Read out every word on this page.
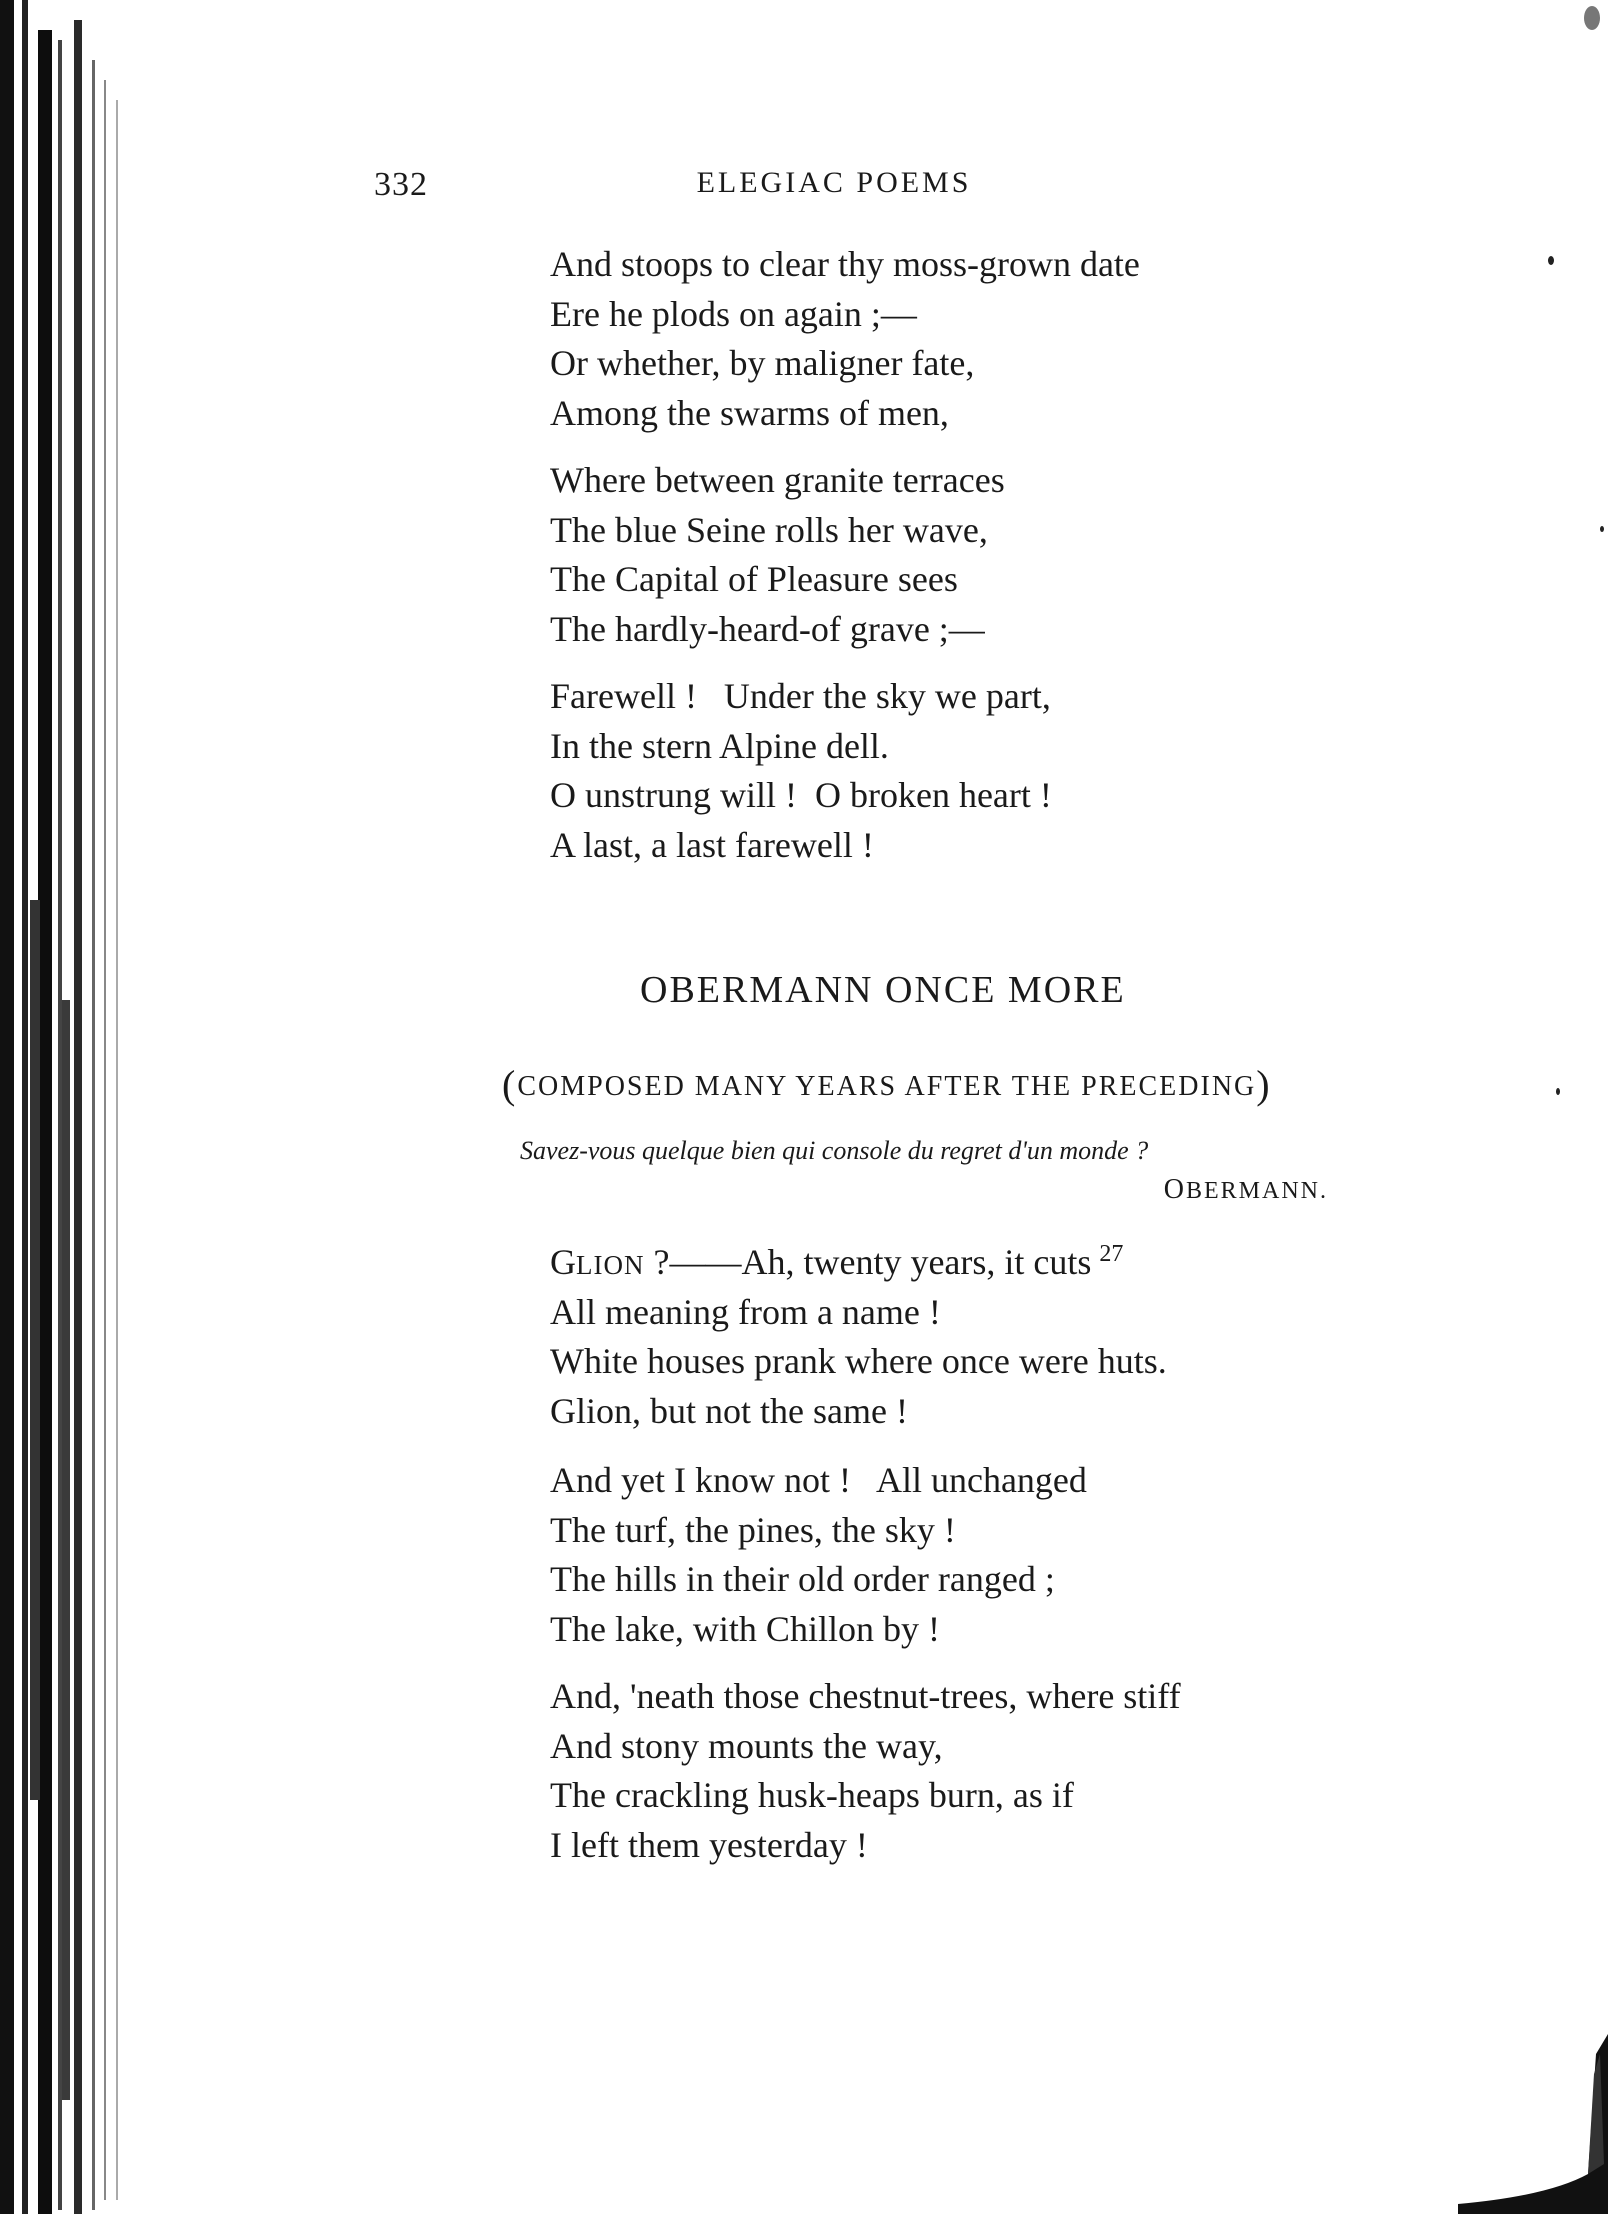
332	ELEGIAC POEMS
And stoops to clear thy moss-grown date
Ere he plods on again ;—
Or whether, by maligner fate,
Among the swarms of men,
Where between granite terraces
The blue Seine rolls her wave,
The Capital of Pleasure sees
The hardly-heard-of grave ;—
Farewell !   Under the sky we part,
In the stern Alpine dell.
O unstrung will !  O broken heart !
A last, a last farewell !
OBERMANN ONCE MORE
(COMPOSED MANY YEARS AFTER THE PRECEDING)
Savez-vous quelque bien qui console du regret d'un monde ?
OBERMANN.
GLION ?——Ah, twenty years, it cuts $^{27}$
All meaning from a name !
White houses prank where once were huts.
Glion, but not the same !
And yet I know not !   All unchanged
The turf, the pines, the sky !
The hills in their old order ranged ;
The lake, with Chillon by !
And, 'neath those chestnut-trees, where stiff
And stony mounts the way,
The crackling husk-heaps burn, as if
I left them yesterday !
